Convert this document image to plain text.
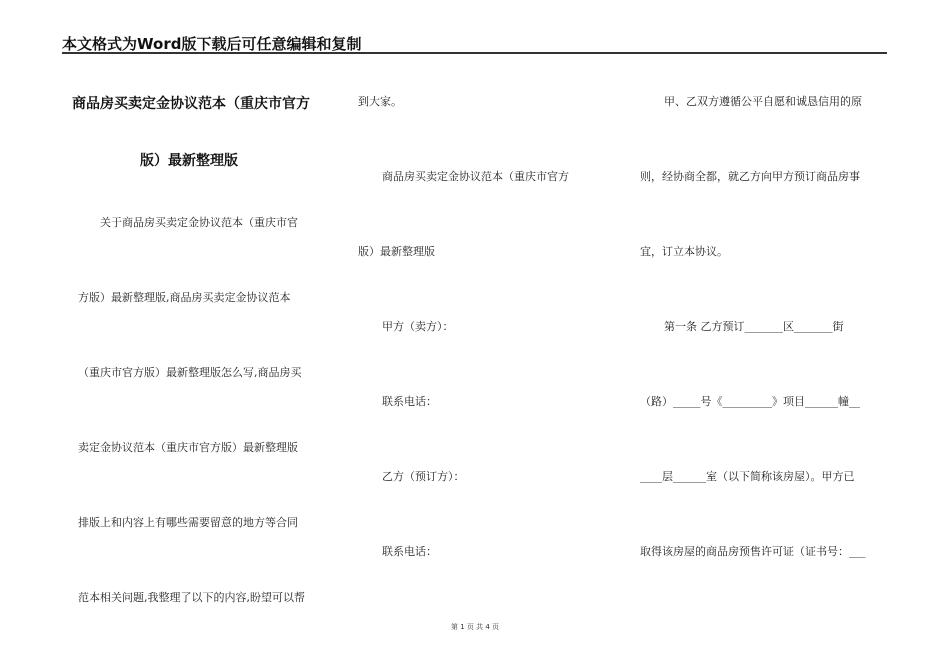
本文格式为Word版下载后可任意编辑和复制
商品房买卖定金协议范本（重庆市官方
版）最新整理版
关于商品房买卖定金协议范本（重庆市官
方版）最新整理版,商品房买卖定金协议范本
（重庆市官方版）最新整理版怎么写,商品房买
卖定金协议范本（重庆市官方版）最新整理版
排版上和内容上有哪些需要留意的地方等合同
范本相关问题,我整理了以下的内容,盼望可以帮
到大家。
商品房买卖定金协议范本（重庆市官方
版）最新整理版
甲方（卖方）：
联系电话：
乙方（预订方）：
联系电话：
甲、乙双方遵循公平自愿和诚恳信用的原
则，经协商全都，就乙方向甲方预订商品房事
宜，订立本协议。
第一条 乙方预订_______区_______街
（路）_____号《_________》项目______幢__
____层______室（以下简称该房屋）。甲方已
取得该房屋的商品房预售许可证（证书号：___
第 1 页 共 4 页
